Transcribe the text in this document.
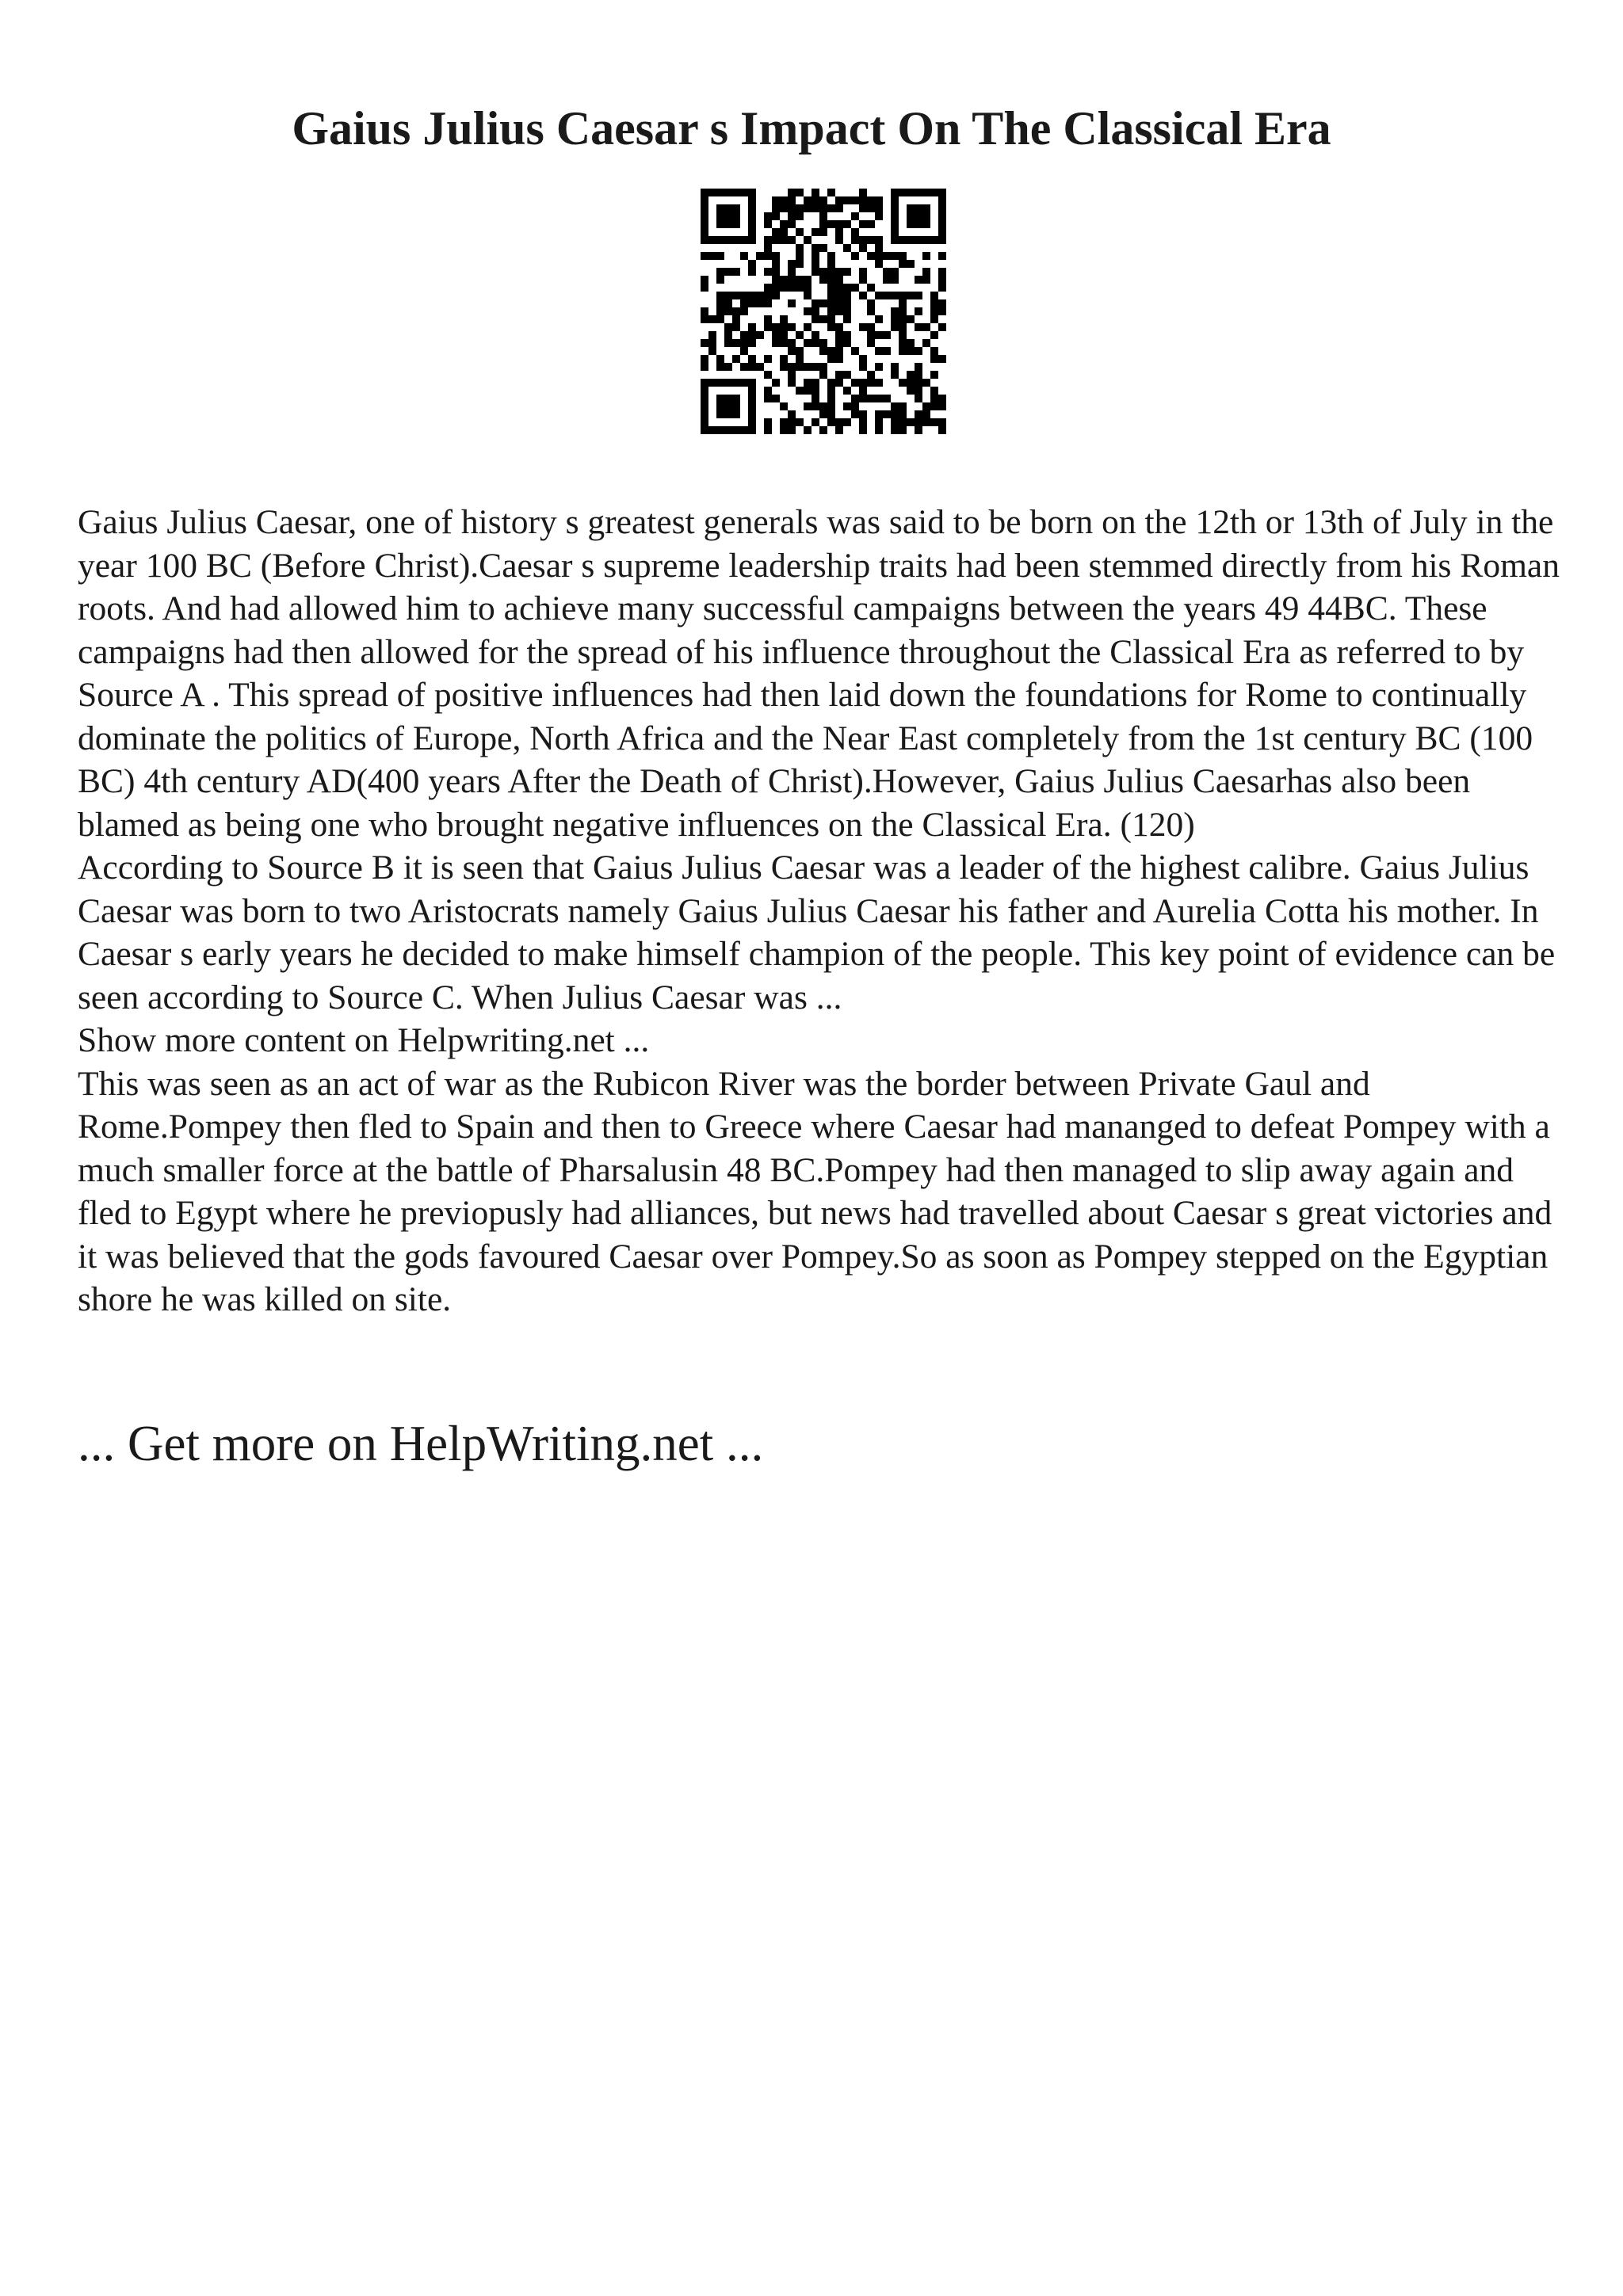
Gaius Julius Caesar s Impact On The Classical Era

Gaius Julius Caesar, one of history s greatest generals was said to be born on the 12th or 13th of July in the year 100 BC (Before Christ).Caesar s supreme leadership traits had been stemmed directly from his Roman roots. And had allowed him to achieve many successful campaigns between the years 49 44BC. These campaigns had then allowed for the spread of his influence throughout the Classical Era as referred to by Source A . This spread of positive influences had then laid down the foundations for Rome to continually dominate the politics of Europe, North Africa and the Near East completely from the 1st century BC (100 BC) 4th century AD(400 years After the Death of Christ).However, Gaius Julius Caesarhas also been blamed as being one who brought negative influences on the Classical Era. (120)

According to Source B it is seen that Gaius Julius Caesar was a leader of the highest calibre. Gaius Julius Caesar was born to two Aristocrats namely Gaius Julius Caesar his father and Aurelia Cotta his mother. In Caesar s early years he decided to make himself champion of the people. This key point of evidence can be seen according to Source C. When Julius Caesar was ...

Show more content on Helpwriting.net ...

This was seen as an act of war as the Rubicon River was the border between Private Gaul and Rome.Pompey then fled to Spain and then to Greece where Caesar had mananged to defeat Pompey with a much smaller force at the battle of Pharsalusin 48 BC.Pompey had then managed to slip away again and fled to Egypt where he previopusly had alliances, but news had travelled about Caesar s great victories and it was believed that the gods favoured Caesar over Pompey.So as soon as Pompey stepped on the Egyptian shore he was killed on site.

... Get more on HelpWriting.net ...
